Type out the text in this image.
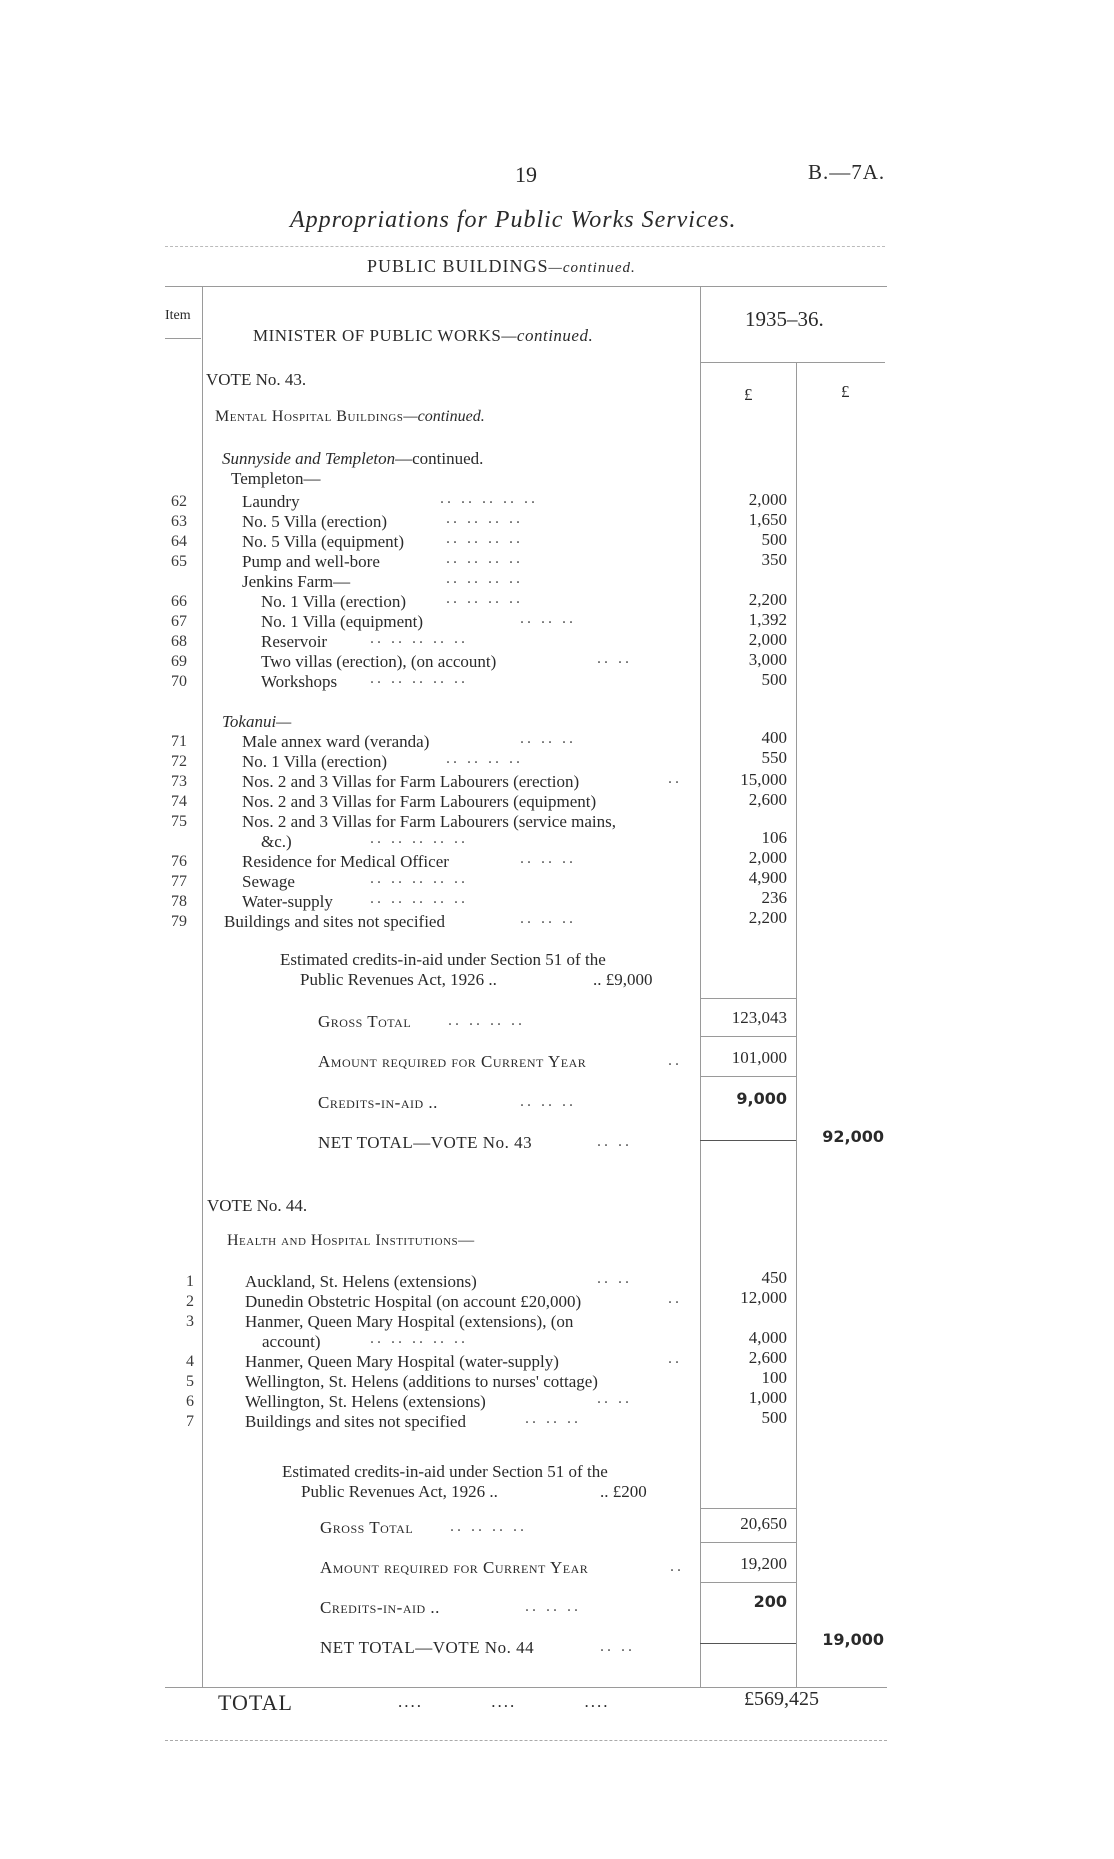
19	B.—7A.
Appropriations for Public Works Services.
PUBLIC BUILDINGS—continued.
Item
MINISTER OF PUBLIC WORKS—continued.
1935–36.
£	£
VOTE No. 43.
Mental Hospital Buildings—continued.
Sunnyside and Templeton—continued.
Templeton—
62	Laundry	.. .. .. .. ..	2,000
63	No. 5 Villa (erection)	.. .. .. ..	1,650
64	No. 5 Villa (equipment)	.. .. .. ..	500
65	Pump and well-bore	.. .. .. ..	350
Jenkins Farm—	.. .. .. ..
66	No. 1 Villa (erection) .. .. .. ..	2,200
67	No. 1 Villa (equipment)	.. .. ..	1,392
68	Reservoir	.. .. .. .. ..	2,000
69	Two villas (erection), (on account)	.. ..	3,000
70	Workshops .. .. .. .. ..	500
Tokanui—
71	Male annex ward (veranda)	.. .. ..	400
72	No. 1 Villa (erection)	.. .. .. ..	550
73	Nos. 2 and 3 Villas for Farm Labourers (erection)	..	15,000
74	Nos. 2 and 3 Villas for Farm Labourers (equipment)	2,600
75	Nos. 2 and 3 Villas for Farm Labourers (service mains,
&c.)	.. .. .. .. ..	106
76	Residence for Medical Officer	.. .. ..	2,000
77	Sewage	.. .. .. .. ..	4,900
78	Water-supply .. .. .. .. ..	236
79 Buildings and sites not specified	.. .. ..	2,200
Estimated credits-in-aid under Section 51 of the
Public Revenues Act, 1926 ..	.. £9,000
Gross Total .. .. .. ..	123,043
Amount required for Current Year	..	101,000
Credits-in-aid ..	.. .. ..	9,000
NET TOTAL—VOTE No. 43	.. ..	92,000
VOTE No. 44.
Health and Hospital Institutions—
1	Auckland, St. Helens (extensions)	.. ..	450
2	Dunedin Obstetric Hospital (on account £20,000)	..	12,000
3	Hanmer, Queen Mary Hospital (extensions), (on
account)	.. .. .. .. ..	4,000
4	Hanmer, Queen Mary Hospital (water-supply)	..	2,600
5	Wellington, St. Helens (additions to nurses' cottage)	100
6	Wellington, St. Helens (extensions)	.. ..	1,000
7	Buildings and sites not specified	.. .. ..	500
Estimated credits-in-aid under Section 51 of the
Public Revenues Act, 1926 ..	.. £200
Gross Total .. .. .. ..	20,650
Amount required for Current Year	..	19,200
Credits-in-aid ..	.. .. ..	200
NET TOTAL—VOTE No. 44	.. ..	19,000
TOTAL	.... .... ....	£569,425
